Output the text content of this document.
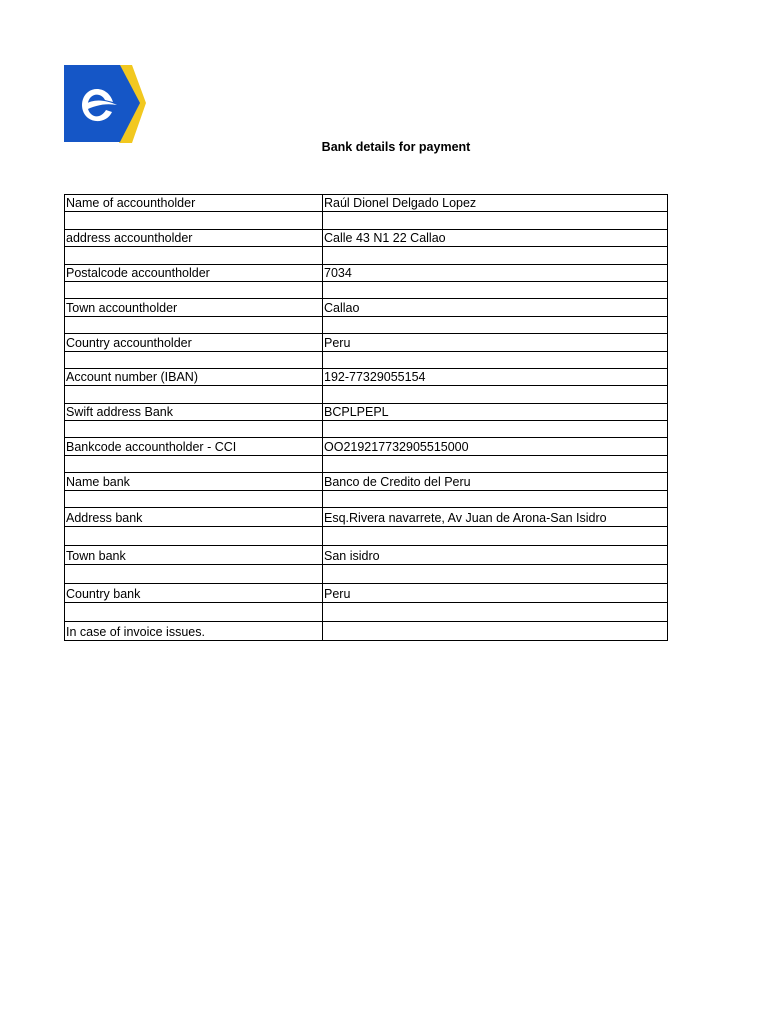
Bank details for payment
Name of accountholder	Raúl Dionel Delgado Lopez

address accountholder	Calle 43 N1 22 Callao

Postalcode accountholder	7034

Town accountholder	Callao

Country accountholder	Peru

Account number (IBAN)	192-77329055154

Swift address Bank	BCPLPEPL

Bankcode accountholder - CCI	OO219217732905515000

Name bank	Banco de Credito del Peru

Address bank	Esq.Rivera navarrete, Av Juan de Arona-San Isidro

Town bank	San isidro

Country bank	Peru

In case of invoice issues.	
